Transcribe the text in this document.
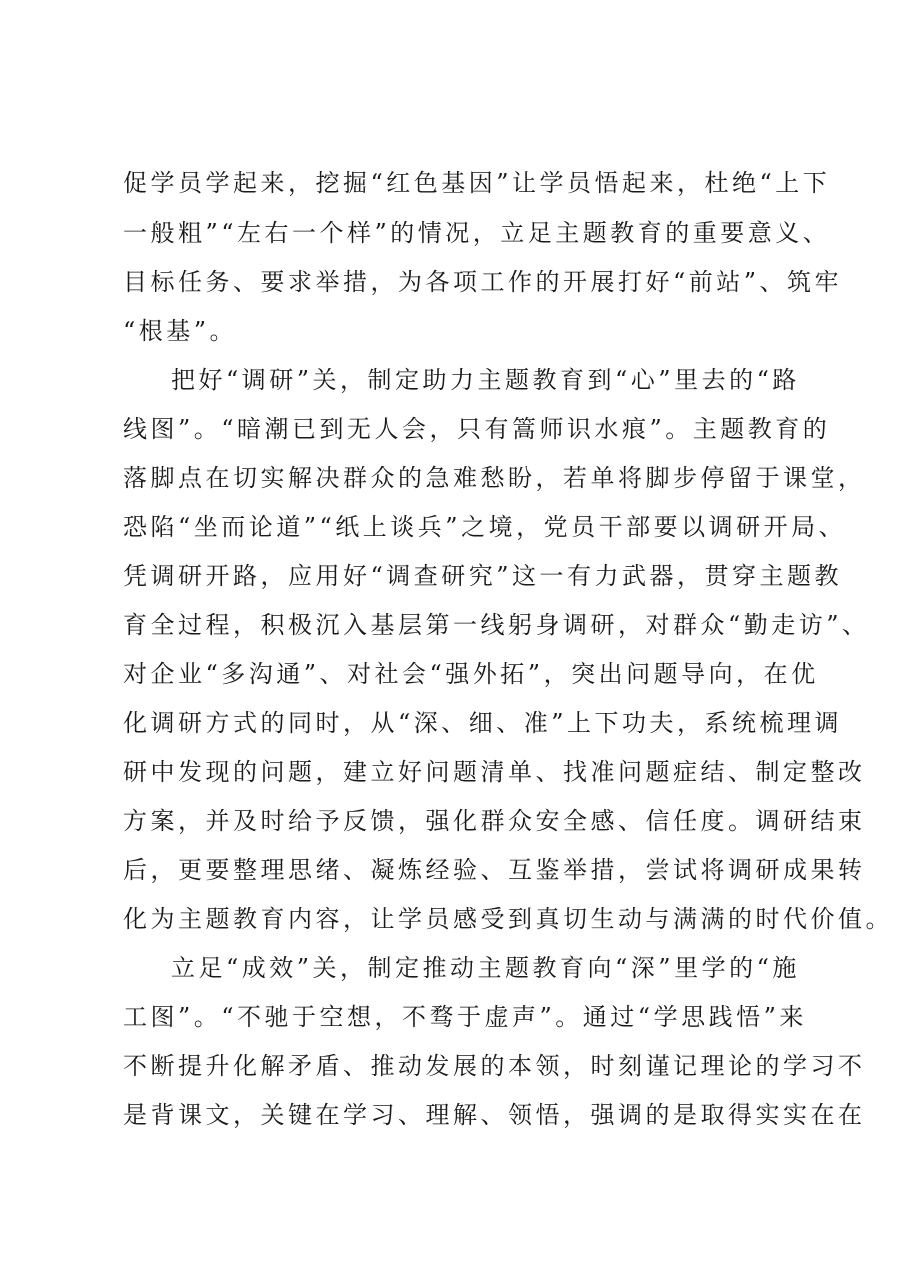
促学员学起来，挖掘“红色基因”让学员悟起来，杜绝“上下
一般粗”“左右一个样”的情况，立足主题教育的重要意义、
目标任务、要求举措，为各项工作的开展打好“前站”、筑牢
“根基”。
把好“调研”关，制定助力主题教育到“心”里去的“路
线图”。“暗潮已到无人会，只有篙师识水痕”。主题教育的
落脚点在切实解决群众的急难愁盼，若单将脚步停留于课堂，
恐陷“坐而论道”“纸上谈兵”之境，党员干部要以调研开局、
凭调研开路，应用好“调查研究”这一有力武器，贯穿主题教
育全过程，积极沉入基层第一线躬身调研，对群众“勤走访”、
对企业“多沟通”、对社会“强外拓”，突出问题导向，在优
化调研方式的同时，从“深、细、准”上下功夫，系统梳理调
研中发现的问题，建立好问题清单、找准问题症结、制定整改
方案，并及时给予反馈，强化群众安全感、信任度。调研结束
后，更要整理思绪、凝炼经验、互鉴举措，尝试将调研成果转
化为主题教育内容，让学员感受到真切生动与满满的时代价值。
立足“成效”关，制定推动主题教育向“深”里学的“施
工图”。“不驰于空想，不骛于虚声”。通过“学思践悟”来
不断提升化解矛盾、推动发展的本领，时刻谨记理论的学习不
是背课文，关键在学习、理解、领悟，强调的是取得实实在在
